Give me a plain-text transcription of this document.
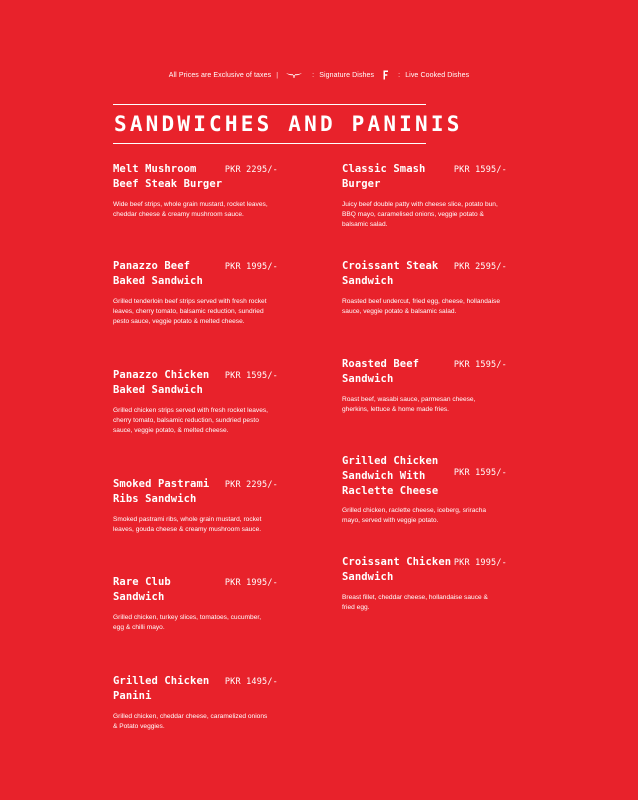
All Prices are Exclusive of taxes |	: Signature Dishes	: Live Cooked Dishes
SANDWICHES AND PANINIS
Melt Mushroom Beef Steak Burger
PKR 2295/-
Wide beef strips, whole grain mustard, rocket leaves, cheddar cheese & creamy mushroom sauce.
Panazzo Beef Baked Sandwich
PKR 1995/-
Grilled tenderloin beef strips served with fresh rocket leaves, cherry tomato, balsamic reduction, sundried pesto sauce, veggie potato & melted cheese.
Panazzo Chicken Baked Sandwich
PKR 1595/-
Grilled chicken strips served with fresh rocket leaves, cherry tomato, balsamic reduction, sundried pesto sauce, veggie potato, & melted cheese.
Smoked Pastrami Ribs Sandwich
PKR 2295/-
Smoked pastrami ribs, whole grain mustard, rocket leaves, gouda cheese & creamy mushroom sauce.
Rare Club Sandwich
PKR 1995/-
Grilled chicken, turkey slices, tomatoes, cucumber, egg & chilli mayo.
Grilled Chicken Panini
PKR 1495/-
Grilled chicken, cheddar cheese, caramelized onions & Potato veggies.
Classic Smash Burger
PKR 1595/-
Juicy beef double patty with cheese slice, potato bun, BBQ mayo, caramelised onions, veggie potato & balsamic salad.
Croissant Steak Sandwich
PKR 2595/-
Roasted beef undercut, fried egg, cheese, hollandaise sauce, veggie potato & balsamic salad.
Roasted Beef Sandwich
PKR 1595/-
Roast beef, wasabi sauce, parmesan cheese, gherkins, lettuce & home made fries.
Grilled Chicken Sandwich With Raclette Cheese
PKR 1595/-
Grilled chicken, raclette cheese, iceberg, sriracha mayo, served with veggie potato.
Croissant Chicken Sandwich
PKR 1995/-
Breast fillet, cheddar cheese, hollandaise sauce & fried egg.
